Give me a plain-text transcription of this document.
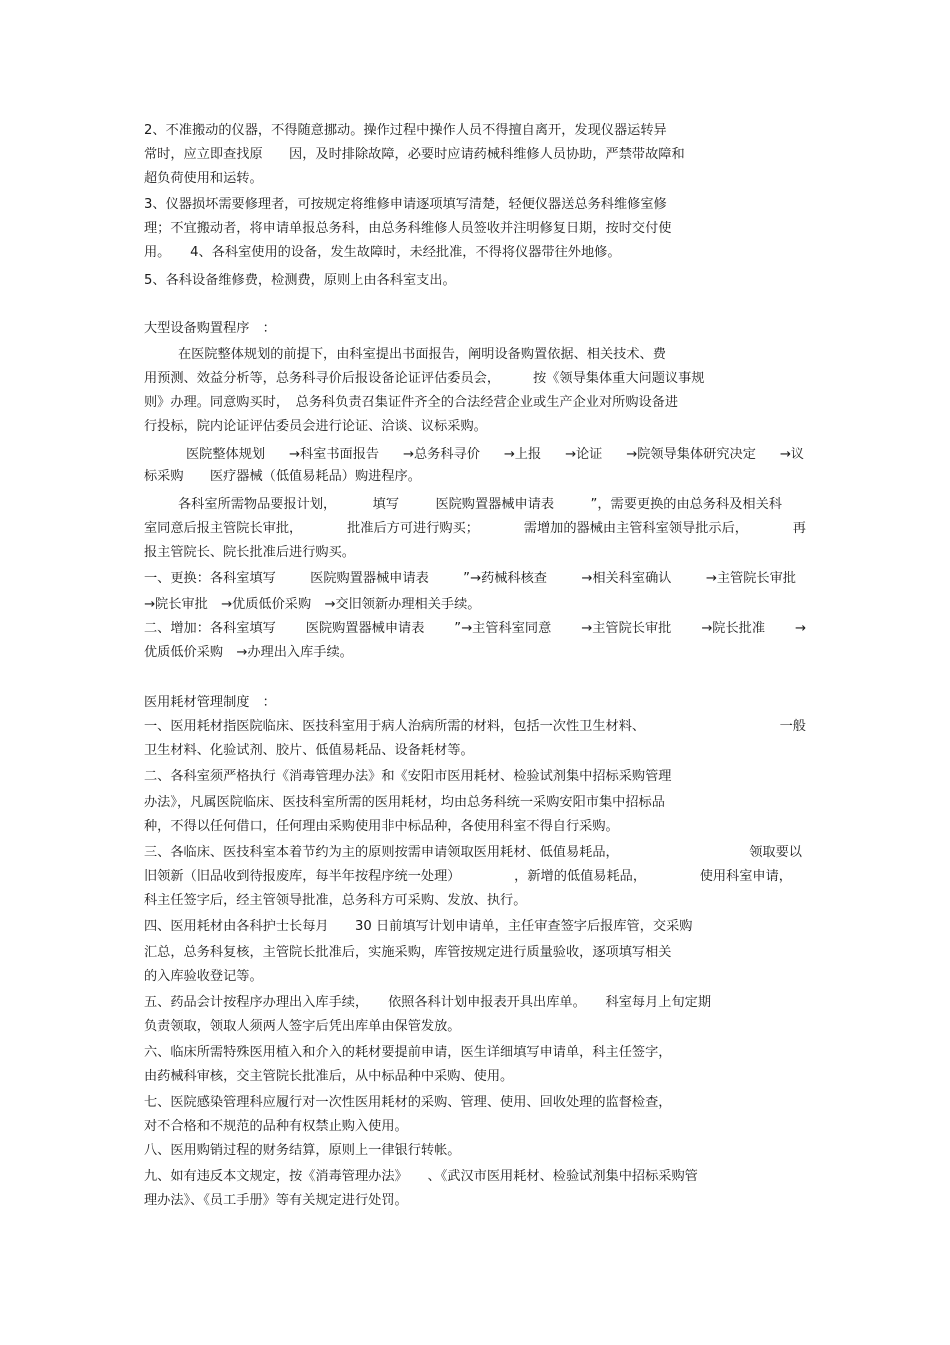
2、不准搬动的仪器，不得随意挪动。操作过程中操作人员不得擅自离开，发现仪器运转异
常时，应立即查找原　　因，及时排除故障，必要时应请药械科维修人员协助，严禁带故障和
超负荷使用和运转。
3、仪器损坏需要修理者，可按规定将维修申请逐项填写清楚，轻便仪器送总务科维修室修
理；不宜搬动者，将申请单报总务科，由总务科维修人员签收并注明修复日期，按时交付使
用。　　4、各科室使用的设备，发生故障时，未经批准，不得将仪器带往外地修。
5、各科设备维修费，检测费，原则上由各科室支出。
大型设备购置程序　：
在医院整体规划的前提下，由科室提出书面报告，阐明设备购置依据、相关技术、费
用预测、效益分析等，总务科寻价后报设备论证评估委员会，　　　按《领导集体重大问题议事规
则》办理。同意购买时，　总务科负责召集证件齐全的合法经营企业或生产企业对所购设备进
行投标，院内论证评估委员会进行论证、洽谈、议标采购。
医院整体规划 →科室书面报告 →总务科寻价 →上报 →论证 →院领导集体研究决定 →议
标采购　　医疗器械（低值易耗品）购进程序。
各科室所需物品要报计划，	填写	医院购置器械申请表	”，需要更换的由总务科及相关科
室同意后报主管院长审批，	批准后方可进行购买；	需增加的器械由主管科室领导批示后，	再
报主管院长、院长批准后进行购买。
一、更换：各科室填写	医院购置器械申请表	”→药械科核查	→相关科室确认	→主管院长审批
→院长审批　→优质低价采购　→交旧领新办理相关手续。
二、增加：各科室填写 医院购置器械申请表 ”→主管科室同意 →主管院长审批 →院长批准 →
优质低价采购　→办理出入库手续。
医用耗材管理制度　：
一、医用耗材指医院临床、医技科室用于病人治病所需的材料，包括一次性卫生材料、	一般
卫生材料、化验试剂、胶片、低值易耗品、设备耗材等。
二、各科室须严格执行《消毒管理办法》和《安阳市医用耗材、检验试剂集中招标采购管理
办法》，凡属医院临床、医技科室所需的医用耗材，均由总务科统一采购安阳市集中招标品
种，不得以任何借口，任何理由采购使用非中标品种，各使用科室不得自行采购。
三、各临床、医技科室本着节约为主的原则按需申请领取医用耗材、低值易耗品，	领取要以
旧领新（旧品收到待报废库，每半年按程序统一处理）	，新增的低值易耗品，	使用科室申请，
科主任签字后，经主管领导批准，总务科方可采购、发放、执行。
四、医用耗材由各科护士长每月　　30 日前填写计划申请单，主任审查签字后报库管，交采购
汇总，总务科复核，主管院长批准后，实施采购，库管按规定进行质量验收，逐项填写相关
的入库验收登记等。
五、药品会计按程序办理出入库手续，　　依照各科计划申报表开具出库单。　　科室每月上旬定期
负责领取，领取人须两人签字后凭出库单由保管发放。
六、临床所需特殊医用植入和介入的耗材要提前申请，医生详细填写申请单，科主任签字，
由药械科审核，交主管院长批准后，从中标品种中采购、使用。
七、医院感染管理科应履行对一次性医用耗材的采购、管理、使用、回收处理的监督检查，
对不合格和不规范的品种有权禁止购入使用。
八、医用购销过程的财务结算，原则上一律银行转帐。
九、如有违反本文规定，按《消毒管理办法》　　、《武汉市医用耗材、检验试剂集中招标采购管
理办法》、《员工手册》等有关规定进行处罚。
